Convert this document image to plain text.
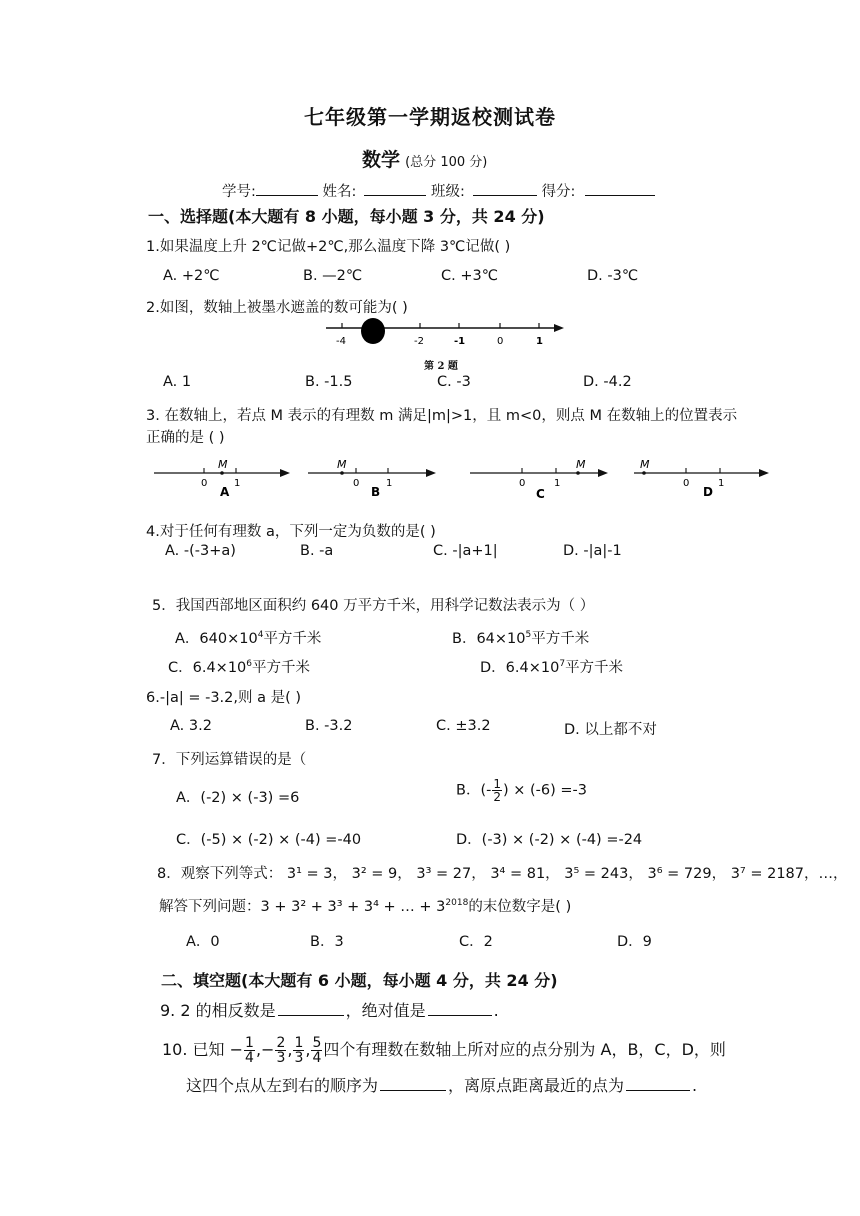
七年级第一学期返校测试卷
数学 (总分 100 分)
学号:	姓名:	班级:	得分:
一、选择题(本大题有 8 小题，每小题 3 分，共 24 分)
1.如果温度上升 2℃记做+2℃,那么温度下降 3℃记做( )
A. +2℃	B. —2℃	C. +3℃	D. -3℃
2.如图，数轴上被墨水遮盖的数可能为( )
-4	-2	-1	0	1
第 2 题
A. 1	B. -1.5	C. -3	D. -4.2
3. 在数轴上，若点 M 表示的有理数 m 满足|m|>1，且 m<0，则点 M 在数轴上的位置表示
正确的是 ( )
M
0	1
A
M
0	1
B
M
0	1
C
M
0	1
D
4.对于任何有理数 a，下列一定为负数的是( )
A. -(-3+a)	B. -a	C. -|a+1|	D. -|a|-1
5．我国西部地区面积约 640 万平方千米，用科学记数法表示为（ ）
A．$640\times 10^4$平方千米	B．$64\times 10^5$平方千米
C．$6.4\times 10^6$平方千米	D．$6.4\times 10^7$平方千米
6.-|a| = -3.2,则 a 是( )
A. 3.2	B. -3.2	C. ±3.2	D. 以上都不对
7．下列运算错误的是（
A．(-2) × (-3) =6	B．(- $\frac{1}{2}$ ) × (-6) =-3
C．(-5) × (-2) × (-4) =-40	D．(-3) × (-2) × (-4) =-24
8．观察下列等式： 3¹ = 3， 3² = 9， 3³ = 27， 3⁴ = 81， 3⁵ = 243， 3⁶ = 729， 3⁷ = 2187，…，
解答下列问题：3 + 3² + 3³ + 3⁴ + … + $3^{2018}$的末位数字是( )
A．0	B．3	C．2	D．9
二、填空题(本大题有 6 小题，每小题 4 分，共 24 分)
9. 2 的相反数是	，绝对值是	.
10. 已知 − $\frac{1}{4}$ ,− $\frac{2}{3}$ , $\frac{1}{3}$ , $\frac{5}{4}$ 四个有理数在数轴上所对应的点分别为 A，B，C，D，则
这四个点从左到右的顺序为	，离原点距离最近的点为	.
